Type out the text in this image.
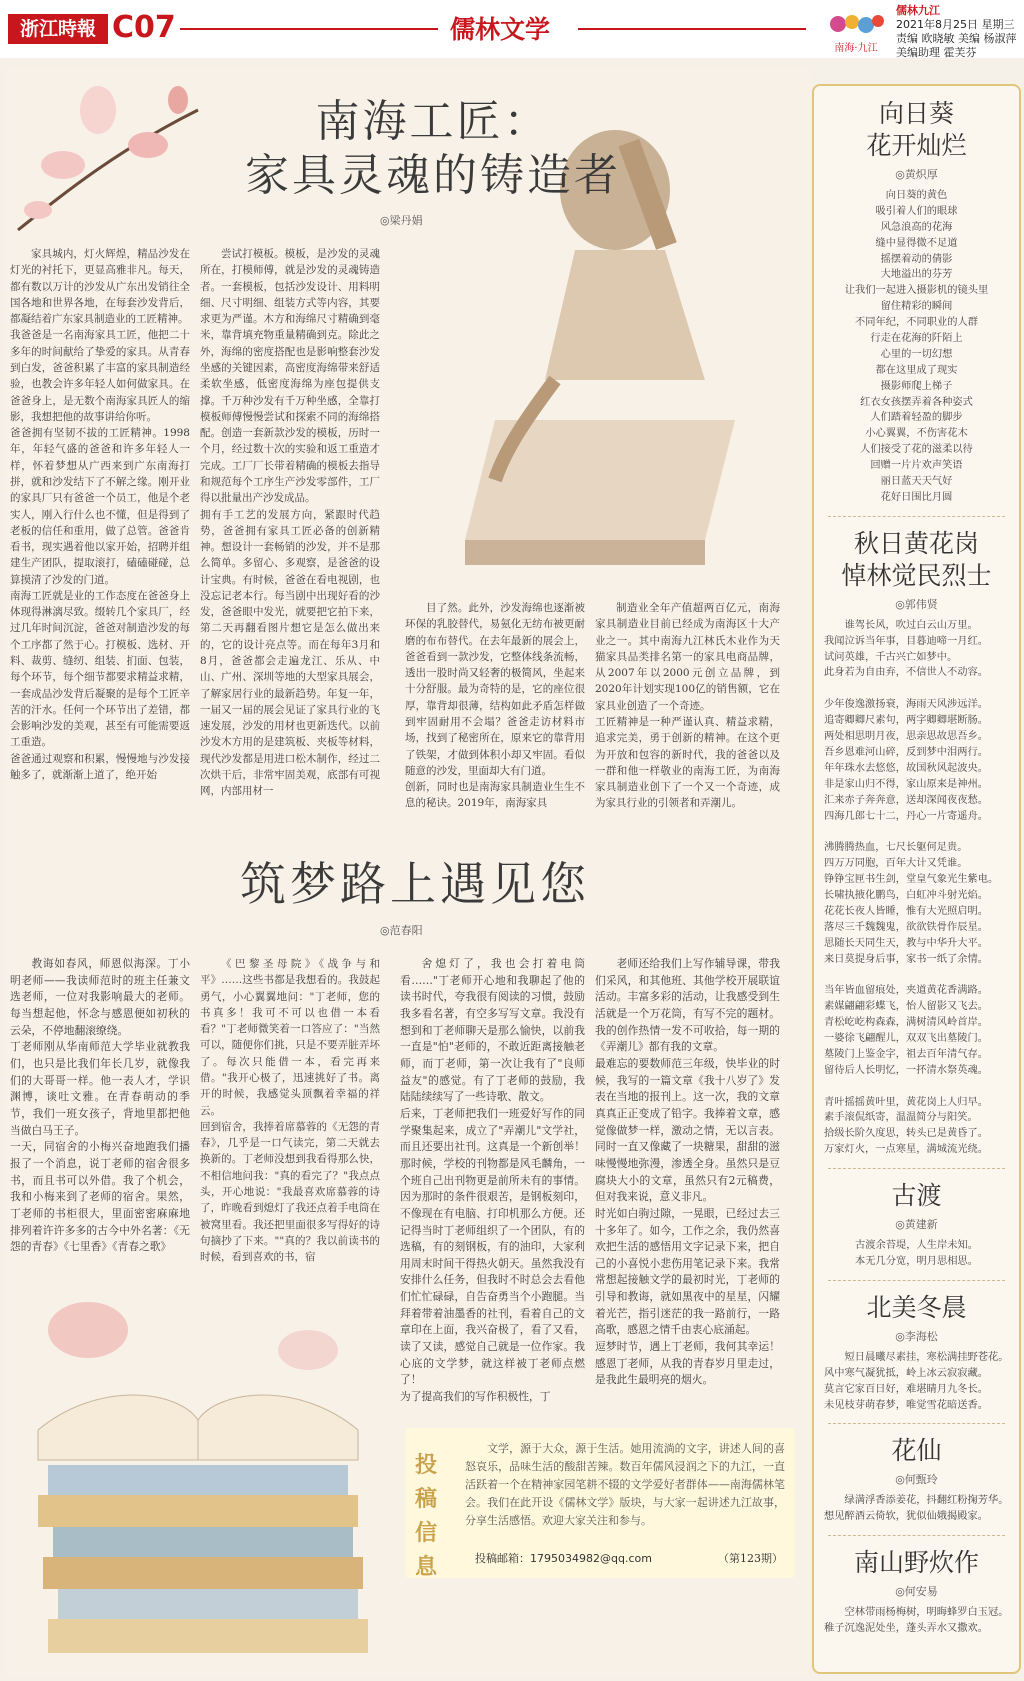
浙江時報 C07	儒林文学
南海·九江
儒林九江
2021年8月25日 星期三
责编 欧晓敏 美编 杨淑萍
美编助理 霍芙芬
南海工匠：
家具灵魂的铸造者
◎梁丹娟
家具城内，灯火辉煌，精品沙发在灯光的衬托下，更显高雅非凡。每天，都有数以万计的沙发从广东出发销往全国各地和世界各地，在每套沙发背后，都凝结着广东家具制造业的工匠精神。
我爸爸是一名南海家具工匠，他把二十多年的时间献给了挚爱的家具。从青春到白发，爸爸积累了丰富的家具制造经验，也教会许多年轻人如何做家具。在爸爸身上，是无数个南海家具匠人的缩影，我想把他的故事讲给你听。
爸爸拥有坚韧不拔的工匠精神。1998年，年轻气盛的爸爸和许多年轻人一样，怀着梦想从广西来到广东南海打拼，就和沙发结下了不解之缘。刚开业的家具厂只有爸爸一个员工，他是个老实人，刚入行什么也不懂，但是得到了老板的信任和重用，做了总管。爸爸肯看书，现实遇着他以家开始，招聘并组建生产团队，提取滚打，磕磕碰碰，总算摸清了沙发的门道。
南海工匠就是业的工作态度在爸爸身上体现得淋漓尽致。缀转几个家具厂，经过几年时间沉淀，爸爸对制造沙发的每个工序都了然于心。打模板、选材、开料、裁剪、缝纫、组装、扪面、包装，每个环节，每个细节都要求精益求精，一套成品沙发背后凝聚的是每个工匠辛苦的汗水。任何一个环节出了差错，都会影响沙发的美观，甚至有可能需要返工重造。
爸爸通过观察和积累，慢慢地与沙发接触多了，就渐渐上道了，绝开始
尝试打模板。模板，是沙发的灵魂所在，打模师傅，就是沙发的灵魂铸造者。一套模板，包括沙发设计、用料明细、尺寸明细、组装方式等内容，其要求更为严谨。木方和海绵尺寸精确到毫米，靠背填充物重量精确到克。除此之外，海绵的密度搭配也是影响整套沙发坐感的关键因素，高密度海绵带来舒适柔软坐感，低密度海绵为座包提供支撑。千万种沙发有千万种坐感，全靠打模板师傅慢慢尝试和探索不同的海绵搭配。创造一套新款沙发的模板，历时一个月，经过数十次的实验和返工重造才完成。工厂厂长带着精确的模板去指导和规范每个工序生产沙发零部件，工厂得以批量出产沙发成品。
拥有手工艺的发展方向，紧跟时代趋势，爸爸拥有家具工匠必备的创新精神。想设计一套畅销的沙发，并不是那么简单。多留心、多观察，是爸爸的设计宝典。有时候，爸爸在看电视剧，也没忘记老本行。每当剧中出现好看的沙发，爸爸眼中发光，就要把它拍下来，第二天再翻看图片想它是怎么做出来的，它的设计亮点等。而在每年3月和8月，爸爸都会走遍龙江、乐从、中山、广州、深圳等地的大型家具展会，了解家居行业的最新趋势。年复一年，一届又一届的展会见证了家具行业的飞速发展，沙发的用材也更新迭代。以前沙发木方用的是建筑板、夹板等材料，现代沙发都是用进口松木制作，经过二次烘干后，非常牢固美观，底部有可视网，内部用材一
目了然。此外，沙发海绵也逐渐被环保的乳胶替代，易氨化无纺布被更耐磨的布布替代。在去年最新的展会上，爸爸看到一款沙发，它整体线条流畅，透出一股时尚又轻奢的极简风，坐起来十分舒服。最为奇特的是，它的座位很厚，靠背却很薄，结构如此矛盾怎样做到牢固耐用不会塌？爸爸走访材料市场，找到了秘密所在，原来它的靠背用了铁架，才做到体积小却又牢固。看似随意的沙发，里面却大有门道。
创新，同时也是南海家具制造业生生不息的秘诀。2019年，南海家具
制造业全年产值超两百亿元，南海家具制造业目前已经成为南海区十大产业之一。其中南海九江林氏木业作为天猫家具品类排名第一的家具电商品牌，从2007年以2000元创立品牌，到2020年计划实现100亿的销售额，它在家具业创造了一个奇迹。
工匠精神是一种严谨认真、精益求精，追求完美，勇于创新的精神。在这个更为开放和包容的新时代，我的爸爸以及一群和他一样敬业的南海工匠，为南海家具制造业创下了一个又一个奇迹，成为家具行业的引领者和弄潮儿。
筑梦路上遇见您
◎范春阳
教诲如春风，师恩似海深。丁小明老师——我读师范时的班主任兼文选老师，一位对我影响最大的老师。每当想起他，怀念与感恩便如初秋的云朵，不停地翻滚缭绕。
丁老师刚从华南师范大学毕业就教我们，也只是比我们年长几岁，就像我们的大哥哥一样。他一表人才，学识渊博，谈吐文雅。在青春萌动的季节，我们一班女孩子，背地里都把他当做白马王子。
一天，同宿舍的小梅兴奋地跑我们播报了一个消息，说丁老师的宿舍很多书，而且书可以外借。我了个机会，我和小梅来到了老师的宿舍。果然，丁老师的书柜很大，里面密密麻麻地排列着许许多多的古今中外名著：《无怨的青春》《七里香》《青春之歌》
《巴黎圣母院》《战争与和平》……这些书都是我想看的。我鼓起勇气，小心翼翼地问："丁老师，您的书真多！我可不可以也借一本看看？"丁老师微笑着一口答应了："当然可以，随便你们挑，只是不要弄脏弄坏了。每次只能借一本，看完再来借。"我开心极了，迅速挑好了书。离开的时候，我感觉头顶飘着幸福的祥云。
回到宿舍，我捧着席慕蓉的《无怨的青春》，几乎是一口气读完，第二天就去换新的。丁老师没想到我看得那么快，不相信地问我："真的看完了？"我点点头，开心地说："我最喜欢席慕蓉的诗了，昨晚看到熄灯了我还点着手电筒在被窝里看。我还把里面很多写得好的诗句摘抄了下来。""真的？我以前读书的时候，看到喜欢的书，宿
舍熄灯了，我也会打着电筒看……"丁老师开心地和我聊起了他的读书时代，夸我很有阅读的习惯，鼓励我多看名著，有空多写写文章。我没有想到和丁老师聊天是那么愉快，以前我一直是"怕"老师的，不敢近距离接触老师，而丁老师，第一次让我有了"良师益友"的感觉。有了丁老师的鼓励，我陆陆续续写了一些诗歌、散文。
后来，丁老师把我们一班爱好写作的同学聚集起来，成立了"弄潮儿"文学社，而且还要出社刊。这真是一个新创举！那时候，学校的刊物都是风毛麟角，一个班自己出刊物更是前所未有的事情。因为那时的条件很艰苦，是钢板刻印，不像现在有电脑、打印机那么方便。还记得当时丁老师组织了一个团队，有的选稿，有的刻钢板，有的油印，大家利用周末时间干得热火朝天。虽然我没有安排什么任务，但我时不时总会去看他们忙忙碌碌，自告奋勇当个小跑腿。当拜着带着油墨香的社刊，看着自己的文章印在上面，我兴奋极了，看了又看，读了又读，感觉自己就是一位作家。我心底的文学梦，就这样被丁老师点燃了！
为了提高我们的写作积极性，丁
老师还给我们上写作辅导课，带我们采风，和其他班、其他学校开展联谊活动。丰富多彩的活动，让我感受到生活就是一个万花筒，有写不完的题材。我的创作热情一发不可收拾，每一期的《弄潮儿》都有我的文章。
最难忘的要数师范三年级，快毕业的时候，我写的一篇文章《我十八岁了》发表在当地的报刊上。这一次，我的文章真真正正变成了铅字。我捧着文章，感觉像做梦一样，激动之情，无以言表。同时一直又像藏了一块糖果，甜甜的滋味慢慢地弥漫，渗透全身。虽然只是豆腐块大小的文章，虽然只有2元稿费，但对我来说，意义非凡。
时光如白驹过隙，一晃眼，已经过去三十多年了。如今，工作之余，我仍然喜欢把生活的感悟用文字记录下来，把自己的小喜悦小悲伤用笔记录下来。我常常想起接触文学的最初时光，丁老师的引导和教诲，就如黑夜中的星星，闪耀着光芒，指引迷茫的我一路前行，一路高歌，感恩之情千由衷心底涌起。
逗梦时节，遇上丁老师，我何其幸运！感恩丁老师，从我的青春岁月里走过，是我此生最明亮的烟火。
投稿信息
文学，源于大众，源于生活。她用流淌的文字，讲述人间的喜怒哀乐，品味生活的酸甜苦辣。数百年儒风浸润之下的九江，一直活跃着一个在精神家园笔耕不辍的文学爱好者群体——南海儒林笔会。我们在此开设《儒林文学》版块，与大家一起讲述九江故事，分享生活感悟。欢迎大家关注和参与。
投稿邮箱：1795034982@qq.com	（第123期）
向日葵
花开灿烂
◎黄炽厚
向日葵的黄色
吸引着人们的眼球
风急浪高的花海
缝中显得微不足道
摇摆着动的倩影
大地溢出的芬芳
让我们一起进入摄影机的镜头里
留住精彩的瞬间
不同年纪，不同职业的人群
行走在花海的阡陌上
心里的一切幻想
都在这里成了现实
摄影师爬上梯子
红衣女孩摆弄着各种姿式
人们踏着轻盈的脚步
小心翼翼，不伤害花木
人们接受了花的滋柔以待
回赠一片片欢声笑语
丽日蓝天天气好
花好日围比月圆
秋日黄花岗
悼林觉民烈士
◎郭伟贤
谁驾长风，吹过白云山万里。
我闻泣诉当年事，目暮迪啼一月红。
试问英雄，千古兴亡如梦中。
此身若为自由弃，不信世人不动容。

少年俊逸激扬衰，海雨天风涉远洋。
追寄卿卿尺素句，两字卿卿堪断肠。
两处相思明月夜，思亲思故思吾乡。
吾乡恩难河山碎，反到梦中泪两行。
年年珠水去悠悠，故国秋风起波央。
非是家山归不得，家山原来是神州。
汇来赤子奔奔意，送却深闻夜夜愁。
四海几郎七十二，丹心一片寄遥舟。

沸腾腾热血，七尺长躯何足贵。
四万万同胞，百年大计又凭谁。
铮铮宝匣书生剑，堂皇气象光生紫电。
长啸执掖化鹏鸟，白虹冲斗射光焰。
花花长夜人皆睡，惟有大光照启明。
落尽三千魏魏鬼，欲欲铁骨作辰星。
思随长天同生天，教与中华升大平。
来日莫提身后事，家书一纸了余情。

当年皆血留痕处，夹道黄花香满路。
素媒翩翩彩蝶飞，怡人留影又飞去。
青松屹屹构森森，满树清风岭首岸。
一婆徐飞翩醒儿，双双飞出墓陵门。
墓陵门上鉴金字，祖去百年清气存。
留待后人长明忆，一抔清水祭英魂。

青叶摇摇黄叶里，黄花岗上人归早。
素手滚侃纸寄，温温简分与阳笑。
拾级长阶久度思，转头已是黄昏了。
万家灯火，一点寒星，满城流光绕。
古渡
◎黄建新
古渡余苔堤，人生岸未知。
本无几分宽，明月思相思。
北美冬晨
◎李海松
短日晨曦尽素挂，寒松满挂野苍花。
风中寒气凝犹抵，岭上冰云寂寂藏。
莫言它家百日好，难堪睛月九冬长。
未见枝芽萌春梦，唯觉雪花暗送香。
花仙
◎何甄玲
绿满浮香添姜花，抖翻红粉掬芳华。
想见醉酒云倚软，犹似仙娥揭殿家。
南山野炊作
◎何安易
空林带雨杨梅树，明晦蜂罗白玉冠。
稚子沉逸泥处坐，蓬头弄水又撒欢。
